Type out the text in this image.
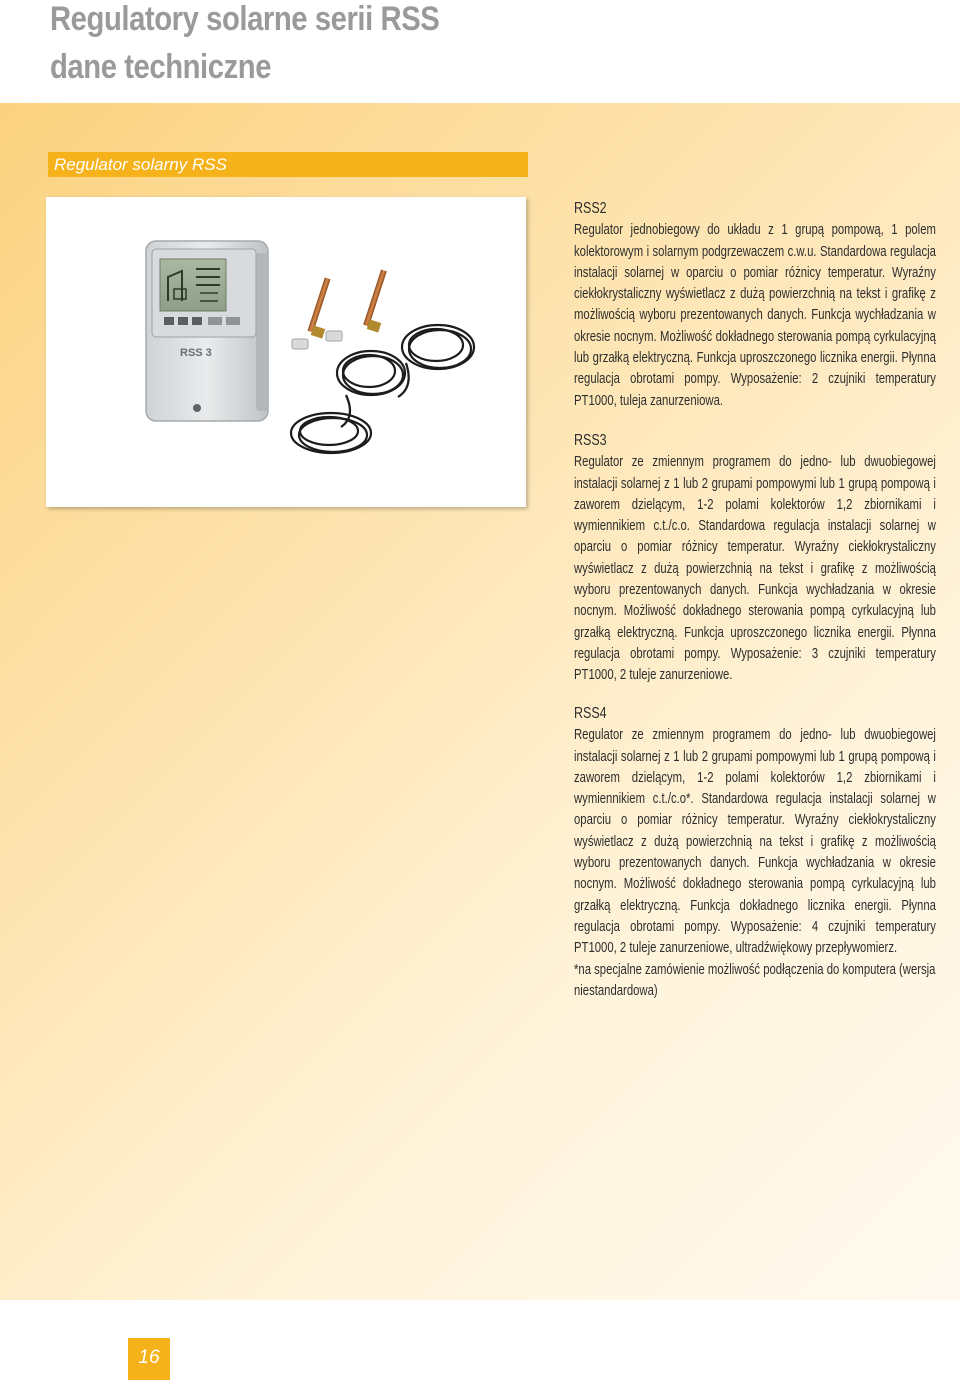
Regulatory solarne serii RSS
dane techniczne
Regulator solarny RSS
RSS 3
RSS2
Regulator jednobiegowy do układu z 1 grupą pompową, 1 polem kolektorowym i solarnym podgrzewaczem c.w.u. Standardowa regulacja instalacji solarnej w oparciu o pomiar różnicy temperatur. Wyraźny ciekłokrystaliczny wyświetlacz z dużą powierzchnią na tekst i grafikę z możliwością wyboru prezentowanych danych. Funkcja wychładzania w okresie nocnym. Możliwość dokładnego sterowania pompą cyrkulacyjną lub grzałką elektryczną. Funkcja uproszczonego licznika energii. Płynna regulacja obrotami pompy. Wyposażenie: 2 czujniki temperatury PT1000, tuleja zanurzeniowa.
RSS3
Regulator ze zmiennym programem do jedno- lub dwuobiegowej instalacji solarnej z 1 lub 2 grupami pompowymi lub 1 grupą pompową i zaworem dzielącym, 1-2 polami kolektorów 1,2 zbiornikami i wymiennikiem c.t./c.o. Standardowa regulacja instalacji solarnej w oparciu o pomiar różnicy temperatur. Wyraźny ciekłokrystaliczny wyświetlacz z dużą powierzchnią na tekst i grafikę z możliwością wyboru prezentowanych danych. Funkcja wychładzania w okresie nocnym. Możliwość dokładnego sterowania pompą cyrkulacyjną lub grzałką elektryczną. Funkcja uproszczonego licznika energii. Płynna regulacja obrotami pompy. Wyposażenie: 3 czujniki temperatury PT1000, 2 tuleje zanurzeniowe.
RSS4
Regulator ze zmiennym programem do jedno- lub dwuobiegowej instalacji solarnej z 1 lub 2 grupami pompowymi lub 1 grupą pompową i zaworem dzielącym, 1-2 polami kolektorów 1,2 zbiornikami i wymiennikiem c.t./c.o*. Standardowa regulacja instalacji solarnej w oparciu o pomiar różnicy temperatur. Wyraźny ciekłokrystaliczny wyświetlacz z dużą powierzchnią na tekst i grafikę z możliwością wyboru prezentowanych danych. Funkcja wychładzania w okresie nocnym. Możliwość dokładnego sterowania pompą cyrkulacyjną lub grzałką elektryczną. Funkcja dokładnego licznika energii. Płynna regulacja obrotami pompy. Wyposażenie: 4 czujniki temperatury PT1000, 2 tuleje zanurzeniowe, ultradźwiękowy przepływomierz.
*na specjalne zamówienie możliwość podłączenia do komputera (wersja niestandardowa)
16
